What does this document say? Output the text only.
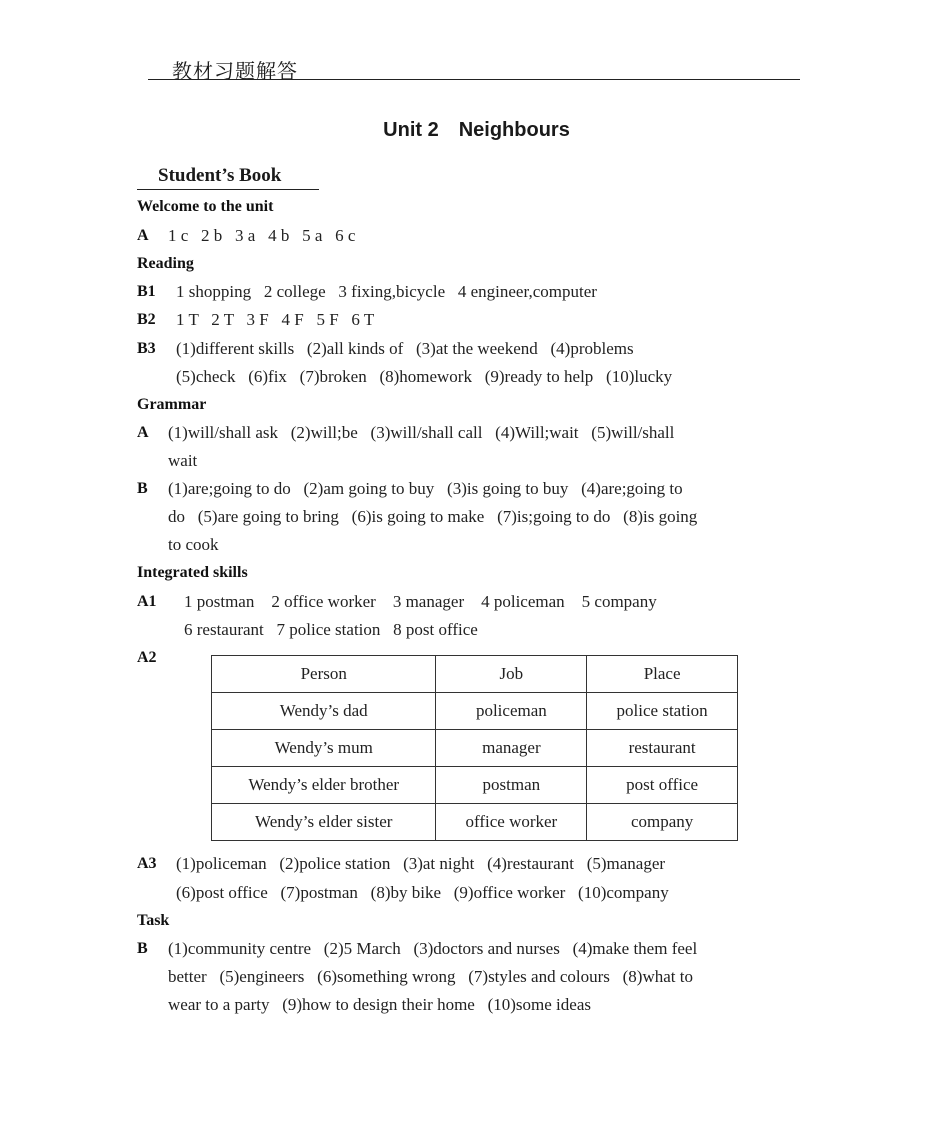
教材习题解答
Unit 2 Neighbours
Student’s Book
Welcome to the unit
A 1 c   2 b   3 a   4 b   5 a   6 c
Reading
B1 1 shopping   2 college   3 fixing,bicycle   4 engineer,computer
B2 1 T   2 T   3 F   4 F   5 F   6 T
B3 (1)different skills   (2)all kinds of   (3)at the weekend   (4)problems
(5)check   (6)fix   (7)broken   (8)homework   (9)ready to help   (10)lucky
Grammar
A (1)will/shall ask   (2)will;be   (3)will/shall call   (4)Will;wait   (5)will/shall
wait
B (1)are;going to do   (2)am going to buy   (3)is going to buy   (4)are;going to
do   (5)are going to bring   (6)is going to make   (7)is;going to do   (8)is going
to cook
Integrated skills
A1 1 postman    2 office worker    3 manager    4 policeman    5 company
6 restaurant   7 police station   8 post office
A2
Person	Job	Place
Wendy’s dad	policeman	police station
Wendy’s mum	manager	restaurant
Wendy’s elder brother	postman	post office
Wendy’s elder sister	office worker	company
A3 (1)policeman   (2)police station   (3)at night   (4)restaurant   (5)manager
(6)post office   (7)postman   (8)by bike   (9)office worker   (10)company
Task
B (1)community centre   (2)5 March   (3)doctors and nurses   (4)make them feel
better   (5)engineers   (6)something wrong   (7)styles and colours   (8)what to
wear to a party   (9)how to design their home   (10)some ideas
